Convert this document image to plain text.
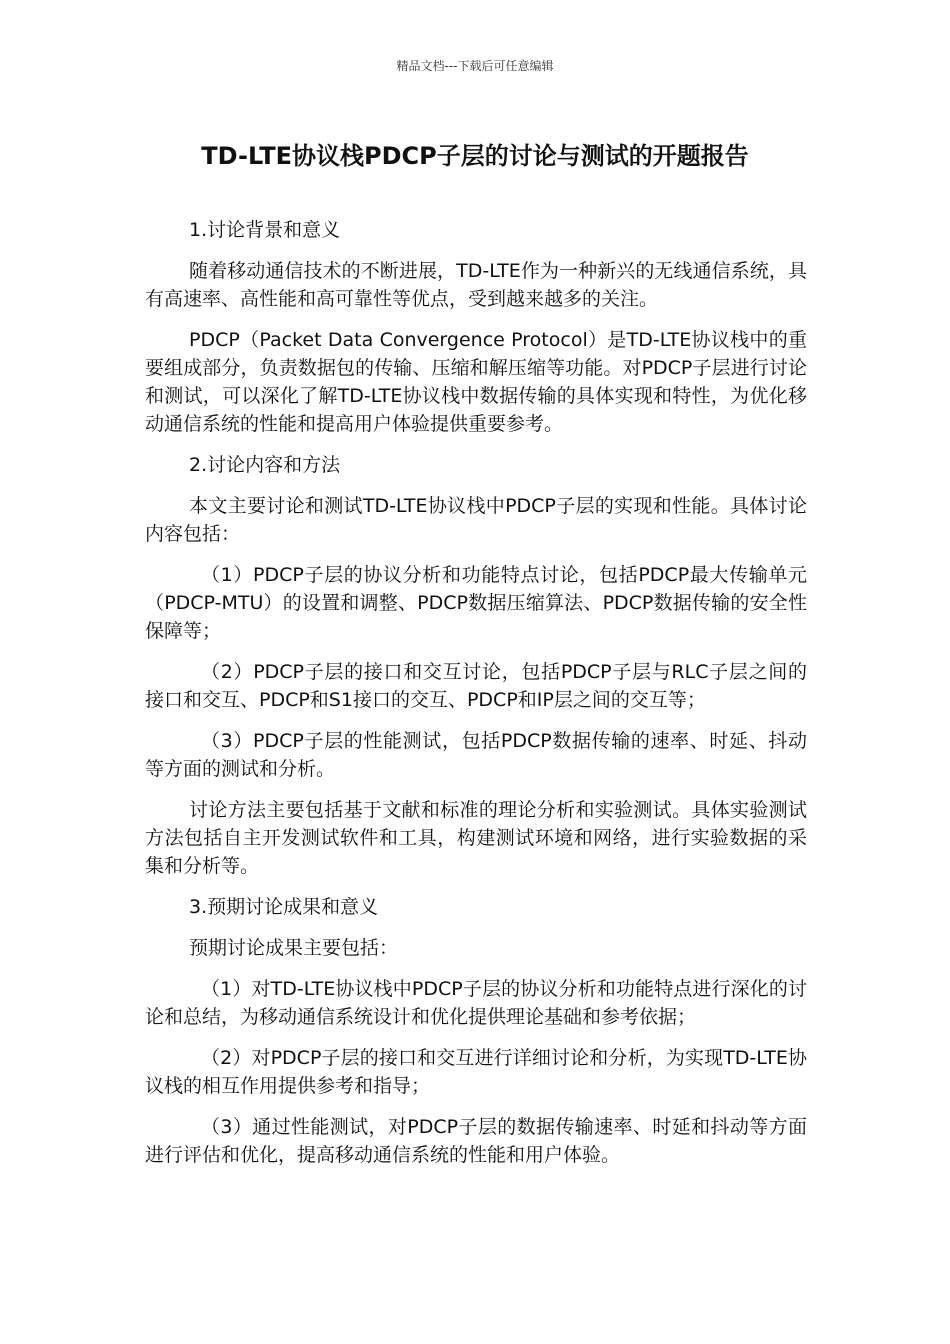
精品文档---下载后可任意编辑
TD-LTE协议栈PDCP子层的讨论与测试的开题报告

1.讨论背景和意义

随着移动通信技术的不断进展，TD-LTE作为一种新兴的无线通信系统，具有高速率、高性能和高可靠性等优点，受到越来越多的关注。

PDCP（Packet Data Convergence Protocol）是TD-LTE协议栈中的重要组成部分，负责数据包的传输、压缩和解压缩等功能。对PDCP子层进行讨论和测试，可以深化了解TD-LTE协议栈中数据传输的具体实现和特性，为优化移动通信系统的性能和提高用户体验提供重要参考。

2.讨论内容和方法

本文主要讨论和测试TD-LTE协议栈中PDCP子层的实现和性能。具体讨论内容包括：

（1）PDCP子层的协议分析和功能特点讨论，包括PDCP最大传输单元（PDCP-MTU）的设置和调整、PDCP数据压缩算法、PDCP数据传输的安全性保障等；

（2）PDCP子层的接口和交互讨论，包括PDCP子层与RLC子层之间的接口和交互、PDCP和S1接口的交互、PDCP和IP层之间的交互等；

（3）PDCP子层的性能测试，包括PDCP数据传输的速率、时延、抖动等方面的测试和分析。

讨论方法主要包括基于文献和标准的理论分析和实验测试。具体实验测试方法包括自主开发测试软件和工具，构建测试环境和网络，进行实验数据的采集和分析等。

3.预期讨论成果和意义

预期讨论成果主要包括：

（1）对TD-LTE协议栈中PDCP子层的协议分析和功能特点进行深化的讨论和总结，为移动通信系统设计和优化提供理论基础和参考依据；

（2）对PDCP子层的接口和交互进行详细讨论和分析，为实现TD-LTE协议栈的相互作用提供参考和指导；

（3）通过性能测试，对PDCP子层的数据传输速率、时延和抖动等方面进行评估和优化，提高移动通信系统的性能和用户体验。
